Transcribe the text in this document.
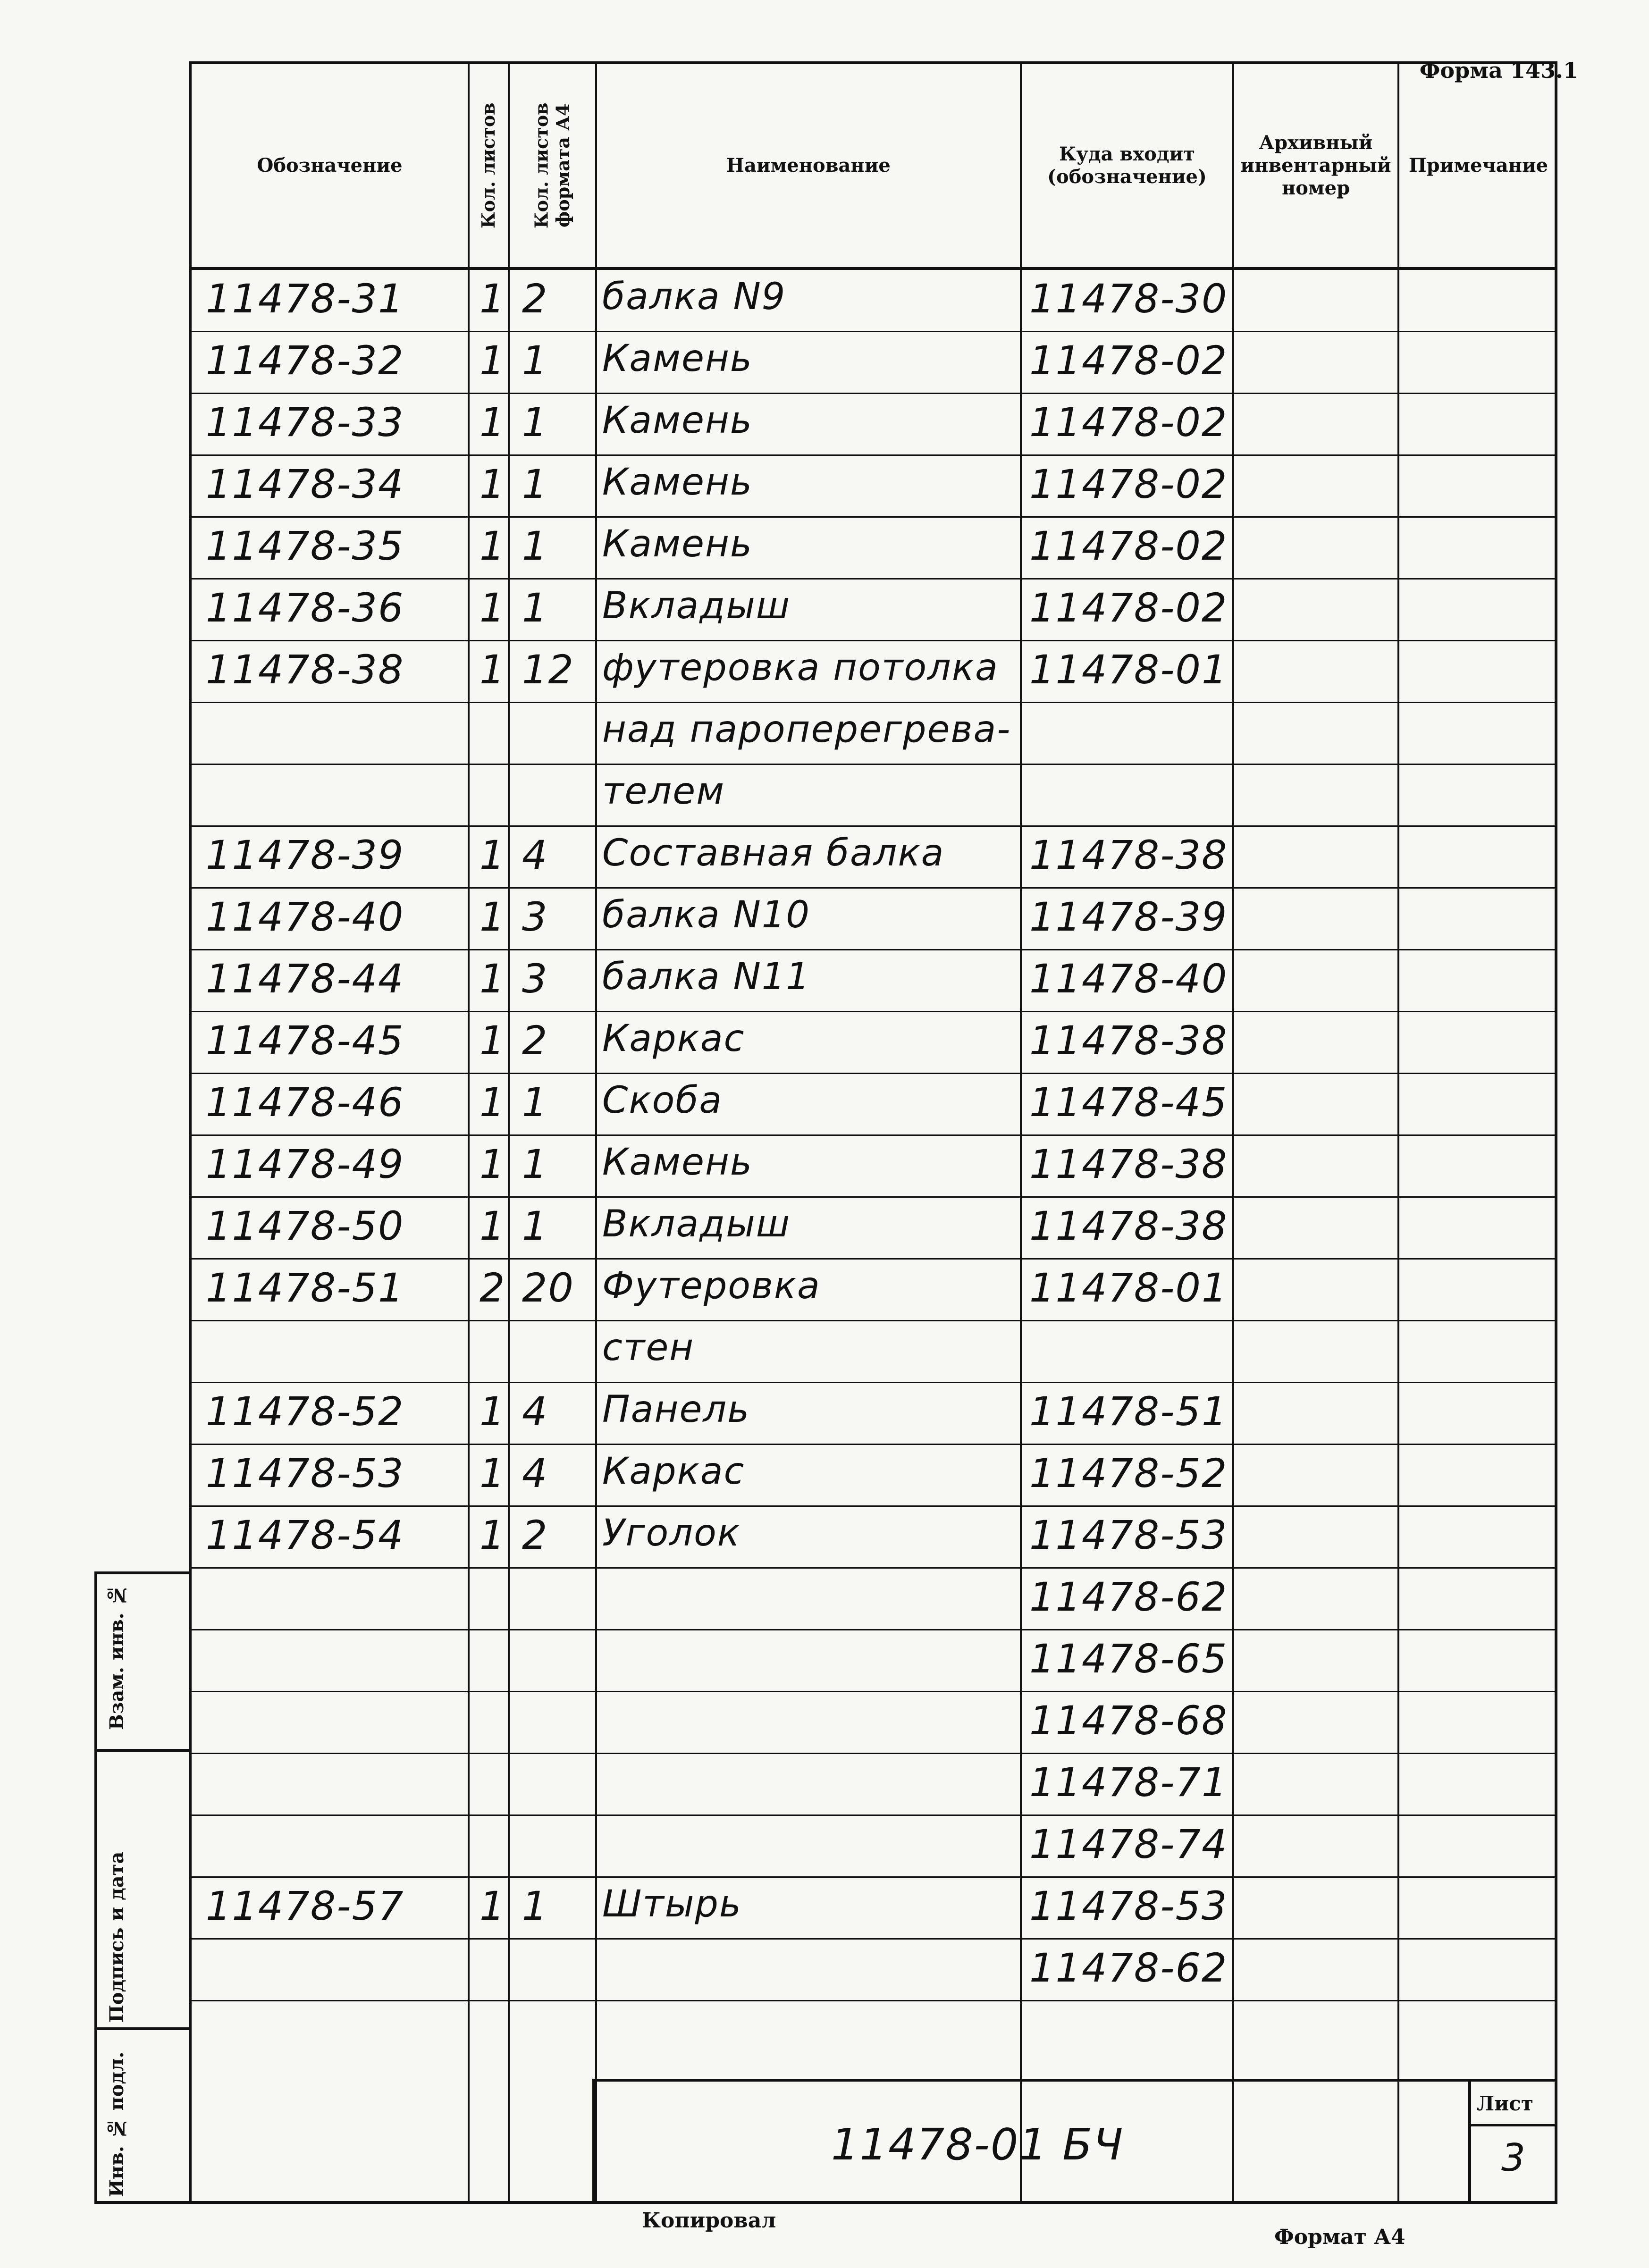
Форма 143.1
Обозначение	Кол. листов	Кол. листов формата А4	Наименование
Куда входит (обозначение)
Архивный инвентарный номер
Примечание
11478-31 1 2 балка N9	11478-30
11478-32 1 1 Камень	11478-02
11478-33 1 1 Камень	11478-02
11478-34 1 1 Камень	11478-02
11478-35 1 1 Камень	11478-02
11478-36 1 1 Вкладыш	11478-02
11478-38 1 12 футеровка потолка 11478-01
над пароперегрева-
телем
11478-39 1 4 Составная балка 11478-38
11478-40 1 3 балка N10	11478-39
11478-44 1 3 балка N11	11478-40
11478-45 1 2 Каркас	11478-38
11478-46 1 1 Скоба	11478-45
11478-49 1 1 Камень	11478-38
11478-50 1 1 Вкладыш	11478-38
11478-51 2 20 Футеровка	11478-01
стен
11478-52 1 4 Панель	11478-51
11478-53 1 4 Каркас	11478-52
11478-54 1 2 Уголок	11478-53
11478-62
11478-65
11478-68
11478-71
11478-74
11478-57 1 1 Штырь	11478-53
11478-62
Взам. инв. №
Подпись и дата
Инв. № подл.	11478-01 БЧ
Лист
3
Копировал
Формат А4
